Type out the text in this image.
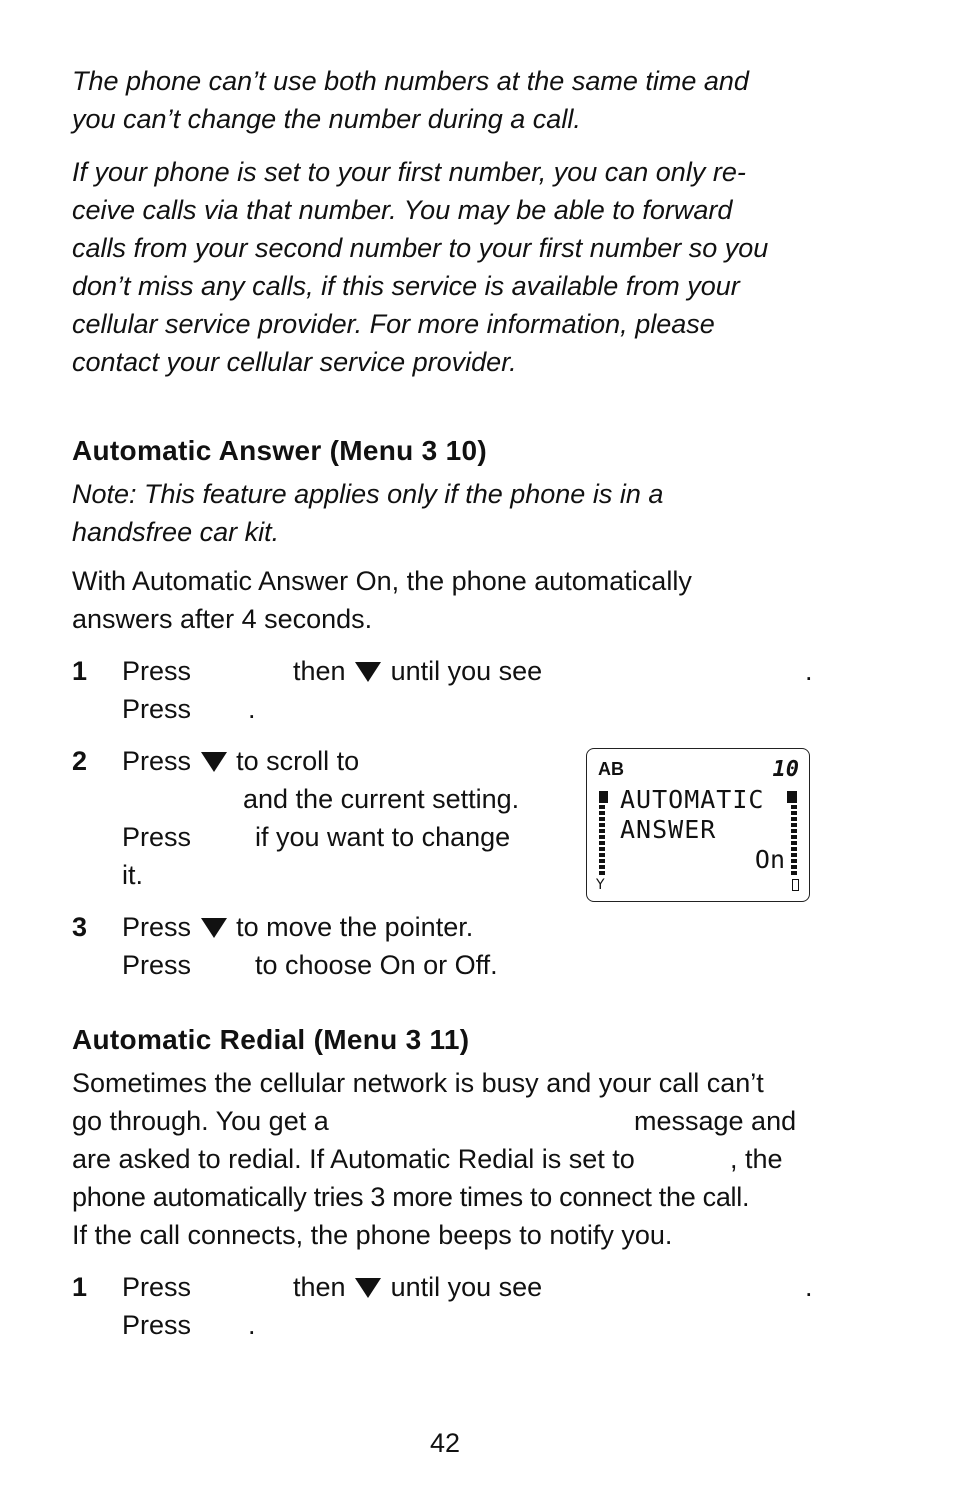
The phone can’t use both numbers at the same time and
you can’t change the number during a call.

If your phone is set to your first number, you can only re-
ceive calls via that number. You may be able to forward
calls from your second number to your first number so you
don’t miss any calls, if this service is available from your
cellular service provider. For more information, please
contact your cellular service provider.

Automatic Answer (Menu 3 10)

Note: This feature applies only if the phone is in a
handsfree car kit.

With Automatic Answer On, the phone automatically
answers after 4 seconds.

1 Press	then until you see	.
Press .
2 Press to scroll to
and the current setting.

Press if you want to change
it.
3 Press to move the pointer.
Press to choose On or Off.
Automatic Redial (Menu 3 11)
Sometimes the cellular network is busy and your call can’t
go through. You get a	message and
are asked to redial. If Automatic Redial is set to	, the
phone automatically tries 3 more times to connect the call.
If the call connects, the phone beeps to notify you.
1 Press	then until you see	.
Press .
AB	10
AUTOMATIC
ANSWER
On
Y
42
